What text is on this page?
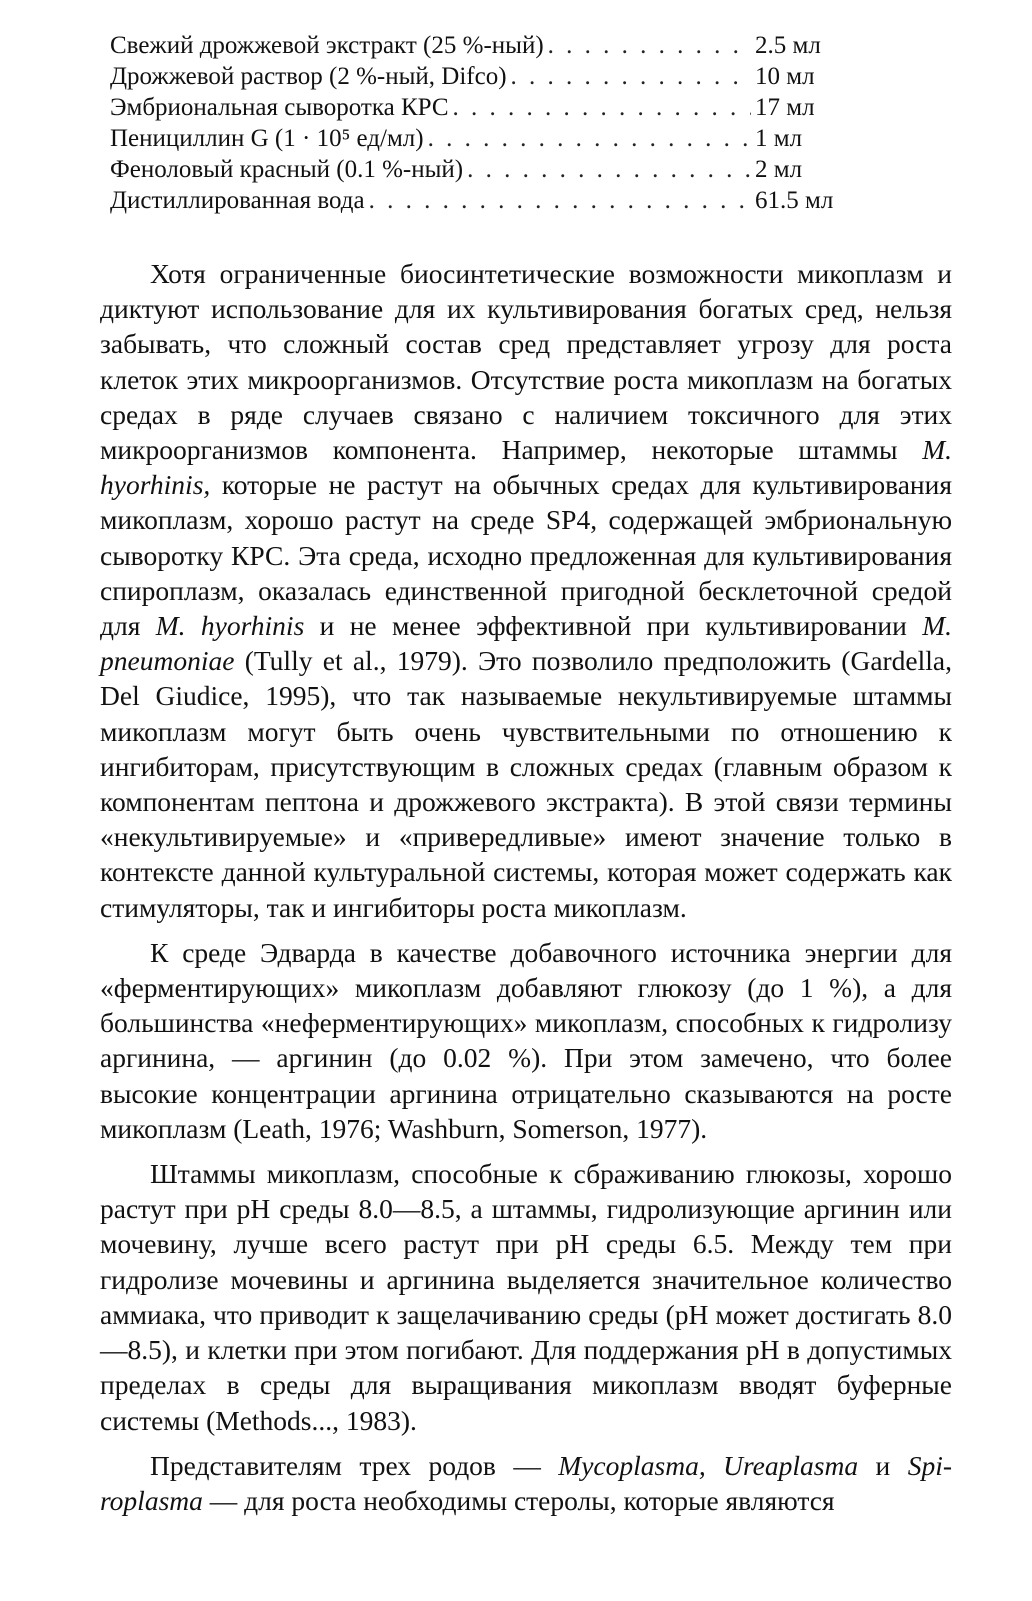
Свежий дрожжевой экстракт (25 %-ный) . . .	2.5 мл
Дрожжевой раствор (2 %-ный, Difco) . . .	10 мл
Эмбриональная сыворотка КРС . . .	17 мл
Пенициллин G (1 · 10⁵ ед/мл) . . .	1 мл
Феноловый красный (0.1 %-ный) . . .	2 мл
Дистиллированная вода . . .	61.5 мл

Хотя ограниченные биосинтетические возможности микоплазм и диктуют использование для их культивирования богатых сред, нельзя забывать, что сложный состав сред представляет угрозу для роста клеток этих микроорганизмов. Отсутствие роста микоплазм на богатых средах в ряде случаев связано с наличием токсичного для этих микроорганизмов компонента. Например, некоторые штаммы M. hyorhinis, которые не растут на обычных средах для культивирования микоплазм, хорошо растут на среде SP4, содержащей эмбриональную сыворотку КРС. Эта среда, исходно предложенная для культивирования спироплазм, оказалась единственной пригодной бесклеточной средой для M. hyorhinis и не менее эффективной при культивировании M. pneumoniae (Tully et al., 1979). Это позволило предположить (Gardella, Del Giudice, 1995), что так называемые некультивируемые штаммы микоплазм могут быть очень чувствительными по отношению к ингибиторам, присутствующим в сложных средах (главным образом к компонентам пептона и дрожжевого экстракта). В этой связи термины «некультивируемые» и «привередливые» имеют значение только в контексте данной культуральной системы, которая может содержать как стимуляторы, так и ингибиторы роста микоплазм.

К среде Эдварда в качестве добавочного источника энергии для «ферментирующих» микоплазм добавляют глюкозу (до 1 %), а для большинства «неферментирующих» микоплазм, способных к гидролизу аргинина, — аргинин (до 0.02 %). При этом замечено, что более высокие концентрации аргинина отрицательно сказываются на росте микоплазм (Leath, 1976; Washburn, Somerson, 1977).

Штаммы микоплазм, способные к сбраживанию глюкозы, хорошо растут при pH среды 8.0—8.5, а штаммы, гидролизующие аргинин или мочевину, лучше всего растут при pH среды 6.5. Между тем при гидролизе мочевины и аргинина выделяется значительное количество аммиака, что приводит к защелачиванию среды (pH может достигать 8.0—8.5), и клетки при этом погибают. Для поддержания pH в допустимых пределах в среды для выращивания микоплазм вводят буферные системы (Methods..., 1983).

Представителям трех родов — Mycoplasma, Ureaplasma и Spiroplasma — для роста необходимы стеролы, которые являются
